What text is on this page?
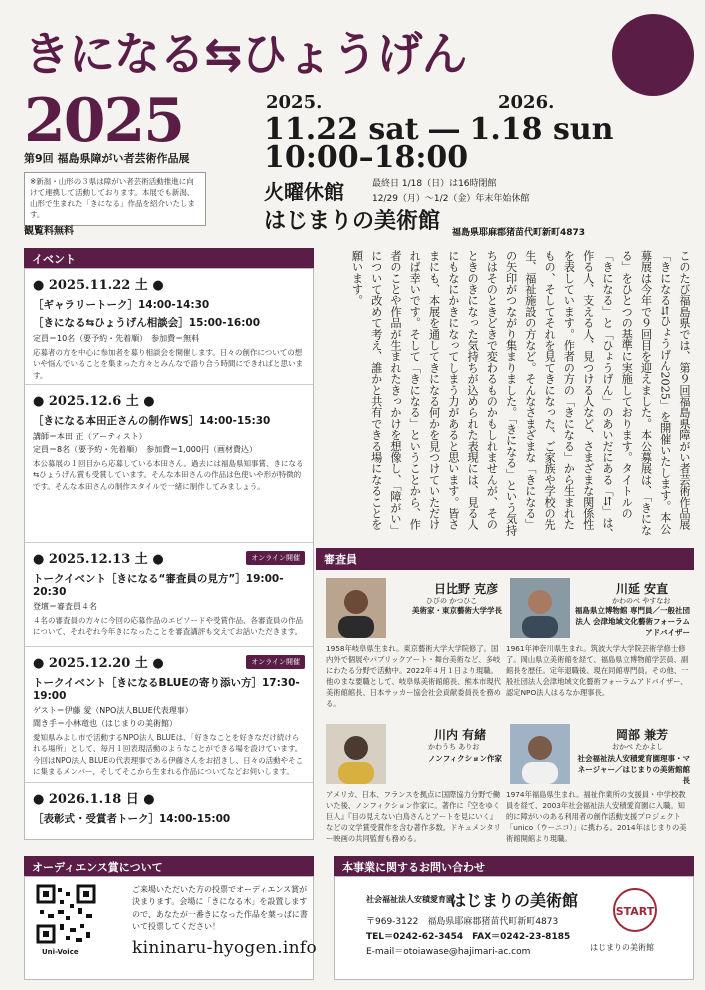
きになる⇆ひょうげん
2025
第9回 福島県障がい者芸術作品展
※新潟・山形の３県は障がい者芸術活動推進に向けて連携して活動しております。本展でも新潟、山形で生まれた「きになる」作品を紹介いたします。
観覧料無料
2025.	2026.
11.22 sat ― 1.18 sun
10:00–18:00
火曜休館	最終日 1/18（日）は16時閉館
12/29（月）～1/2（金）年末年始休館
はじまりの美術館 福島県耶麻郡猪苗代町新町4873
イベント
● 2025.11.22 土 ●
［ギャラリートーク］14:00-14:30
［きになる⇆ひょうげん相談会］15:00-16:00
定員＝10名（要予約・先着順）　参加費＝無料
応募者の方を中心に参加者を募り相談会を開催します。日々の創作についての想いや悩んでいることを集まった方々とみんなで語り合う時間にできればと思います。
● 2025.12.6 土 ●
［きになる本田正さんの制作WS］14:00-15:30
講師＝本田 正（アーティスト）
定員＝8名（要予約・先着順）　参加費＝1,000円（画材費込）
本公募展の１回目から応募している本田さん。過去には福島県知事賞、きになる⇆ひょうげん賞も受賞しています。そんな本田さんの作品は色使いや形が特徴的です。そんな本田さんの制作スタイルで一緒に制作してみましょう。
● 2025.12.13 土 ●	オンライン開催
トークイベント［きになる“審査員の見方”］19:00-20:30
登壇＝審査員４名
４名の審査員の方々に今回の応募作品のエピソードや受賞作品、各審査員の作品について、それぞれ今年きになったことを審査講評も交えてお話いただきます。
● 2025.12.20 土 ●	オンライン開催
トークイベント［きになるBLUEの寄り添い方］17:30-19:00
ゲスト＝伊藤 愛（NPO法人BLUE代表理事）
聞き手＝小林竜也（はじまりの美術館）
愛知県みよし市で活動するNPO法人 BLUEは、「好きなことを好きなだけ続けられる場所」として、毎月１回表現活動のようなことができる場を設けています。今回はNPO法人 BLUEの代表理事である伊藤さんをお招きし、日々の活動やそこに集まるメンバー、そしてそこから生まれる作品についてなどお伺いします。
● 2026.1.18 日 ●
［表彰式・受賞者トーク］14:00-15:00
このたび福島県では、第９回福島県障がい者芸術作品展「きになる⇆ひょうげん2025」を開催いたします。本公募展は今年で９回目を迎えました。本公募展は、「きになる」をひとつの基準に実施しております。タイトルの「きになる」と「ひょうげん」のあいだにある「⇆」は、作る人、支える人、見つける人など、さまざまな関係性を表しています。作者の方の「きになる」から生まれたもの、そしてそれを見てきになった、ご家族や学校の先生、福祉施設の方など。そんなさまざまな「きになる」の矢印がつながり集まりました。「きになる」という気持ちはそのときどきで変わるものかもしれませんが、そのときのきになった気持ちが込められた表現には、見る人にもなにかきになってしまう力があると思います。皆さまにも、本展を通してきになる何かを見つけていただければ幸いです。そして「きになる」ということから、作者のことや作品が生まれたきっかけを想像し、「障がい」について改めて考え、誰かと共有できる場になることを願います。
審査員
日比野 克彦
ひびの かつひこ
美術家・東京藝術大学学長
1958年岐阜県生まれ。東京藝術大学大学院修了。国内外で個展やパブリックアート・舞台美術など、多岐にわたる分野で活動中。2022年４月１日より現職。他のまな要職として、岐阜県美術館館長、熊本市現代美術館館長、日本サッカー協会社会貢献委員長を務める。
川延 安直
かわのべ やすなお
福島県立博物館 専門員／一般社団法人 会津地域文化藝術フォーラムアドバイザー
1961年神奈川県生まれ。筑波大学大学院芸術学修士修了。岡山県立美術館を経て、福島県立博物館学芸員、副館長を歴任。定年退職後、現在同館専門員。その他、一般社団法人会津地域文化藝術フォーラムアドバイザー、認定NPO法人はるなか理事長。
川内 有緒
かわうち ありお
ノンフィクション作家
アメリカ、日本、フランスを拠点に国際協力分野で働いた後、ノンフィクション作家に。著作に『空をゆく巨人』『目の見えない白鳥さんとアートを見にいく』などの文学賞受賞作を含む著作多数。ドキュメンタリー映画の共同監督も務める。
岡部 兼芳
おかべ たかよし
社会福祉法人安積愛育園理事・マネージャー／はじまりの美術館館長
1974年福島県生まれ。福祉作業所の支援員・中学校教員を経て、2003年社会福祉法人安積愛育園に入職。知的に障がいのある利用者の創作活動支援プロジェクト「unico（ウーニコ）」に携わる。2014年はじまりの美術館開館より現職。
オーディエンス賞について
Uni-Voice
ご来場いただいた方の投票でオーディエンス賞が決まります。会場に「きになる木」を設置しますので、あなたが一番きになった作品を葉っぱに書いて投票してください！
kininaru-hyogen.info
本事業に関するお問い合わせ
社会福祉法人安積愛育園
はじまりの美術館
〒969-3122　福島県耶麻郡猪苗代町新町4873
TEL＝0242-62-3454　FAX＝0242-23-8185
E-mail＝otoiawase@hajimari-ac.com
START
はじまりの美術館
